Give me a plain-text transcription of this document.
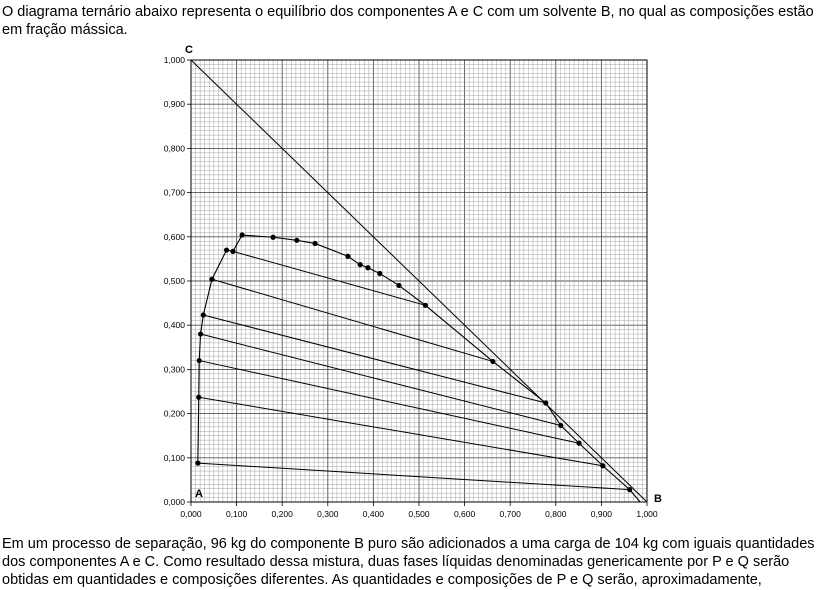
O diagrama ternário abaixo representa o equilíbrio dos componentes A e C com um solvente B, no qual as composições estão em fração mássica.

0,000	0,100	0,200	0,300	0,400	0,500	0,600	0,700	0,800	0,900	1,000
0,000
0,100
0,200
0,300
0,400
0,500
0,600
0,700
0,800
0,900
1,000
C
A	B

Em um processo de separação, 96 kg do componente B puro são adicionados a uma carga de 104 kg com iguais quantidades dos componentes A e C. Como resultado dessa mistura, duas fases líquidas denominadas genericamente por P e Q serão obtidas em quantidades e composições diferentes. As quantidades e composições de P e Q serão, aproximadamente,
